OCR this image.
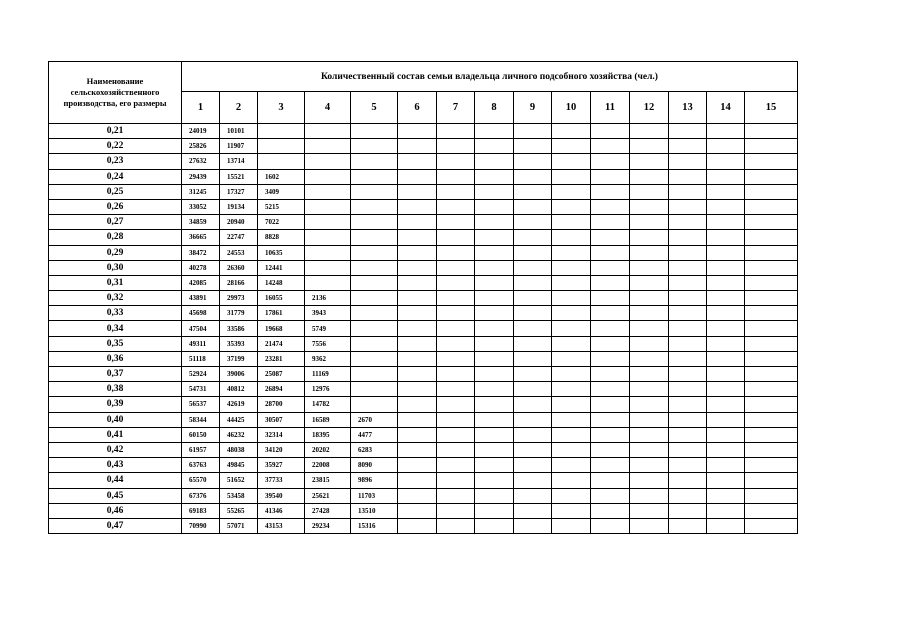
Наименование сельскохозяйственного производства, его размеры	Количественный состав семьи владельца личного подсобного хозяйства (чел.)														
	1	2	3	4	5	6	7	8	9	10	11	12	13	14	15
0,21	24019	10101													
0,22	25826	11907													
0,23	27632	13714													
0,24	29439	15521	1602												
0,25	31245	17327	3409												
0,26	33052	19134	5215												
0,27	34859	20940	7022												
0,28	36665	22747	8828												
0,29	38472	24553	10635												
0,30	40278	26360	12441												
0,31	42085	28166	14248												
0,32	43891	29973	16055	2136											
0,33	45698	31779	17861	3943											
0,34	47504	33586	19668	5749											
0,35	49311	35393	21474	7556											
0,36	51118	37199	23281	9362											
0,37	52924	39006	25087	11169											
0,38	54731	40812	26894	12976											
0,39	56537	42619	28700	14782											
0,40	58344	44425	30507	16589	2670										
0,41	60150	46232	32314	18395	4477										
0,42	61957	48038	34120	20202	6283										
0,43	63763	49845	35927	22008	8090										
0,44	65570	51652	37733	23815	9896										
0,45	67376	53458	39540	25621	11703										
0,46	69183	55265	41346	27428	13510										
0,47	70990	57071	43153	29234	15316										
